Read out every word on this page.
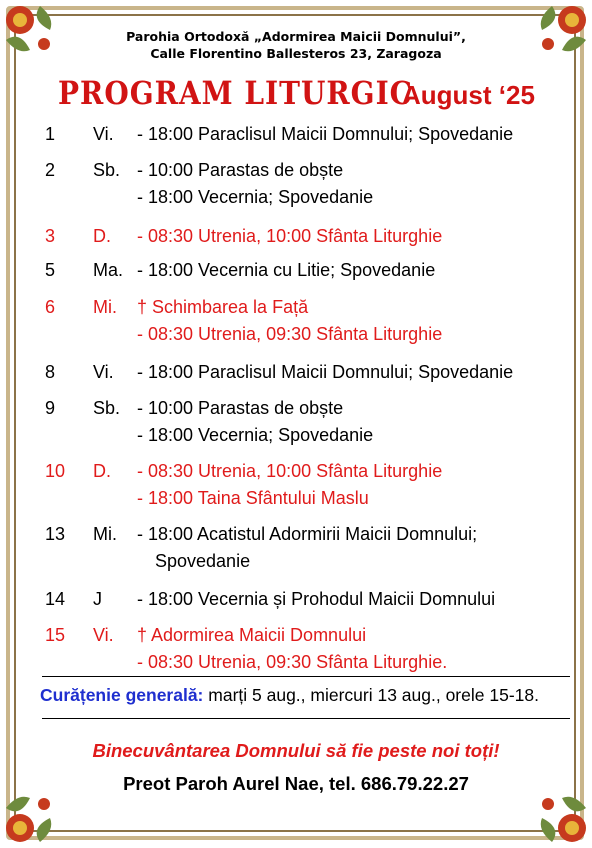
Parohia Ortodoxă „Adormirea Maicii Domnului”,
Calle Florentino Ballesteros 23, Zaragoza
PROGRAM LITURGIC
August ‘25
1 Vi. - 18:00 Paraclisul Maicii Domnului; Spovedanie
2 Sb. - 10:00 Parastas de obște
- 18:00 Vecernia; Spovedanie
3 D. - 08:30 Utrenia, 10:00 Sfânta Liturghie
5 Ma. - 18:00 Vecernia cu Litie; Spovedanie
6 Mi. † Schimbarea la Față
- 08:30 Utrenia, 09:30 Sfânta Liturghie
8 Vi. - 18:00 Paraclisul Maicii Domnului; Spovedanie
9 Sb. - 10:00 Parastas de obște
- 18:00 Vecernia; Spovedanie
10 D. - 08:30 Utrenia, 10:00 Sfânta Liturghie
- 18:00 Taina Sfântului Maslu
13 Mi. - 18:00 Acatistul Adormirii Maicii Domnului;
Spovedanie
14 J - 18:00 Vecernia și Prohodul Maicii Domnului
15 Vi. † Adormirea Maicii Domnului
- 08:30 Utrenia, 09:30 Sfânta Liturghie.
Curățenie generală: marți 5 aug., miercuri 13 aug., orele 15-18.
Binecuvântarea Domnului să fie peste noi toți!
Preot Paroh Aurel Nae, tel. 686.79.22.27
